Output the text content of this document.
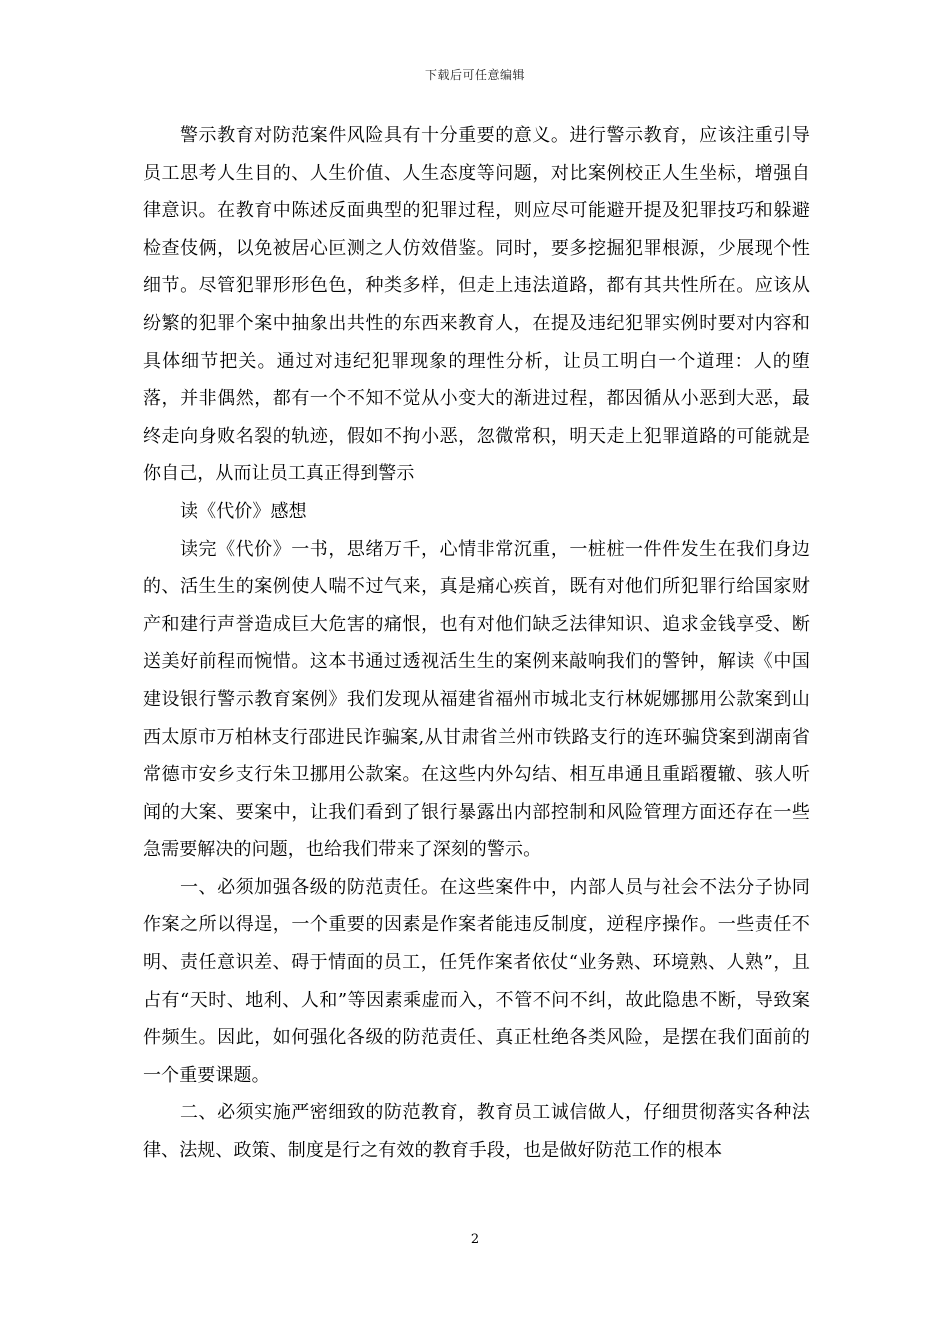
下载后可任意编辑

警示教育对防范案件风险具有十分重要的意义。进行警示教育，应该注重引导员工思考人生目的、人生价值、人生态度等问题，对比案例校正人生坐标，增强自律意识。在教育中陈述反面典型的犯罪过程，则应尽可能避开提及犯罪技巧和躲避检查伎俩，以免被居心叵测之人仿效借鉴。同时，要多挖掘犯罪根源，少展现个性细节。尽管犯罪形形色色，种类多样，但走上违法道路，都有其共性所在。应该从纷繁的犯罪个案中抽象出共性的东西来教育人，在提及违纪犯罪实例时要对内容和具体细节把关。通过对违纪犯罪现象的理性分析，让员工明白一个道理：人的堕落，并非偶然，都有一个不知不觉从小变大的渐进过程，都因循从小恶到大恶，最终走向身败名裂的轨迹，假如不拘小恶，忽微常积，明天走上犯罪道路的可能就是你自己，从而让员工真正得到警示

读《代价》感想

读完《代价》一书，思绪万千，心情非常沉重，一桩桩一件件发生在我们身边的、活生生的案例使人喘不过气来，真是痛心疾首，既有对他们所犯罪行给国家财产和建行声誉造成巨大危害的痛恨，也有对他们缺乏法律知识、追求金钱享受、断送美好前程而惋惜。这本书通过透视活生生的案例来敲响我们的警钟，解读《中国建设银行警示教育案例》我们发现从福建省福州市城北支行林妮娜挪用公款案到山西太原市万柏林支行邵进民诈骗案,从甘肃省兰州市铁路支行的连环骗贷案到湖南省常德市安乡支行朱卫挪用公款案。在这些内外勾结、相互串通且重蹈覆辙、骇人听闻的大案、要案中，让我们看到了银行暴露出内部控制和风险管理方面还存在一些急需要解决的问题，也给我们带来了深刻的警示。

一、必须加强各级的防范责任。在这些案件中，内部人员与社会不法分子协同作案之所以得逞，一个重要的因素是作案者能违反制度，逆程序操作。一些责任不明、责任意识差、碍于情面的员工，任凭作案者依仗“业务熟、环境熟、人熟”，且占有“天时、地利、人和”等因素乘虚而入，不管不问不纠，故此隐患不断，导致案件频生。因此，如何强化各级的防范责任、真正杜绝各类风险，是摆在我们面前的一个重要课题。

二、必须实施严密细致的防范教育，教育员工诚信做人，仔细贯彻落实各种法律、法规、政策、制度是行之有效的教育手段，也是做好防范工作的根本

2
